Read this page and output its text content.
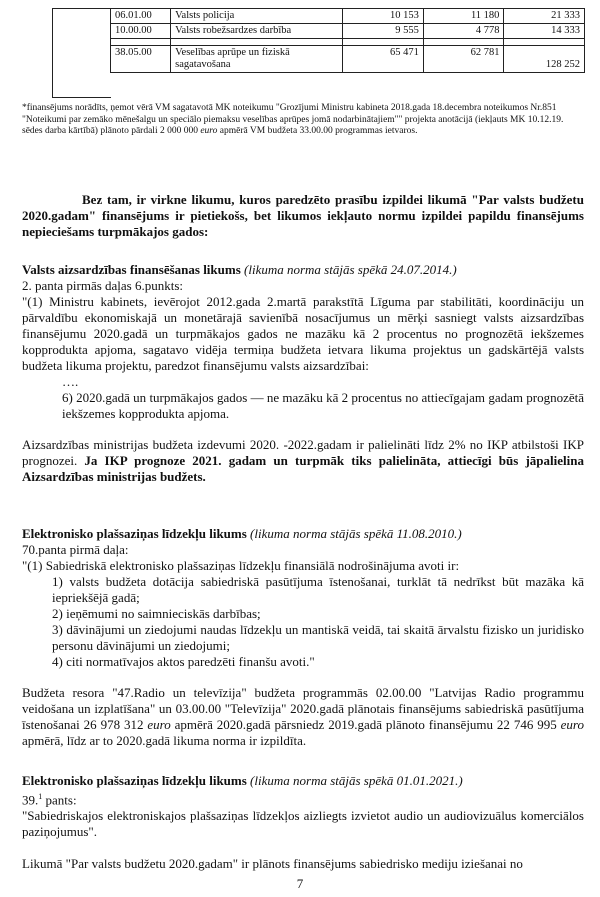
06.01.00	Valsts policija	10 153	11 180	21 333
10.00.00	Valsts robežsardzes darbība	9 555	4 778	14 333

38.05.00	Veselības aprūpe un fiziskā sagatavošana	65 471	62 781	128 252
*finansējums norādīts, ņemot vērā VM sagatavotā MK noteikumu "Grozījumi Ministru kabineta 2018.gada 18.decembra noteikumos Nr.851 "Noteikumi par zemāko mēnešalgu un speciālo piemaksu veselības aprūpes jomā nodarbinātajiem"" projekta anotācijā (iekļauts MK 10.12.19. sēdes darba kārtībā) plānoto pārdali 2 000 000 euro apmērā VM budžeta 33.00.00 programmas ietvaros.

Bez tam, ir virkne likumu, kuros paredzēto prasību izpildei likumā "Par valsts budžetu 2020.gadam" finansējums ir pietiekošs, bet likumos iekļauto normu izpildei papildu finansējums nepieciešams turpmākajos gados:

Valsts aizsardzības finansēšanas likums (likuma norma stājās spēkā 24.07.2014.)

2. panta pirmās daļas 6.punkts:

"(1) Ministru kabinets, ievērojot 2012.gada 2.martā parakstītā Līguma par stabilitāti, koordināciju un pārvaldību ekonomiskajā un monetārajā savienībā nosacījumus un mērķi sasniegt valsts aizsardzības finansējumu 2020.gadā un turpmākajos gados ne mazāku kā 2 procentus no prognozētā iekšzemes kopprodukta apjoma, sagatavo vidēja termiņa budžeta ietvara likuma projektus un gadskārtējā valsts budžeta likuma projektu, paredzot finansējumu valsts aizsardzībai:

….

6) 2020.gadā un turpmākajos gados — ne mazāku kā 2 procentus no attiecīgajam gadam prognozētā iekšzemes kopprodukta apjoma.

Aizsardzības ministrijas budžeta izdevumi 2020. -2022.gadam ir palielināti līdz 2% no IKP atbilstoši IKP prognozei. Ja IKP prognoze 2021. gadam un turpmāk tiks palielināta, attiecīgi būs jāpalielina Aizsardzības ministrijas budžets.

Elektronisko plašsaziņas līdzekļu likums (likuma norma stājās spēkā 11.08.2010.)

70.panta pirmā daļa:

"(1) Sabiedriskā elektronisko plašsaziņas līdzekļu finansiālā nodrošinājuma avoti ir:

1) valsts budžeta dotācija sabiedriskā pasūtījuma īstenošanai, turklāt tā nedrīkst būt mazāka kā iepriekšējā gadā;

2) ieņēmumi no saimnieciskās darbības;

3) dāvinājumi un ziedojumi naudas līdzekļu un mantiskā veidā, tai skaitā ārvalstu fizisko un juridisko personu dāvinājumi un ziedojumi;

4) citi normatīvajos aktos paredzēti finanšu avoti."

Budžeta resora "47.Radio un televīzija" budžeta programmās 02.00.00 "Latvijas Radio programmu veidošana un izplatīšana" un 03.00.00 "Televīzija" 2020.gadā plānotais finansējums sabiedriskā pasūtījuma īstenošanai 26 978 312 euro apmērā 2020.gadā pārsniedz 2019.gadā plānoto finansējumu 22 746 995 euro apmērā, līdz ar to 2020.gadā likuma norma ir izpildīta.

Elektronisko plašsaziņas līdzekļu likums (likuma norma stājās spēkā 01.01.2021.)

39.$^1$ pants:

"Sabiedriskajos elektroniskajos plašsaziņas līdzekļos aizliegts izvietot audio un audiovizuālus komerciālos paziņojumus".

Likumā "Par valsts budžetu 2020.gadam" ir plānots finansējums sabiedrisko mediju iziešanai no

7
